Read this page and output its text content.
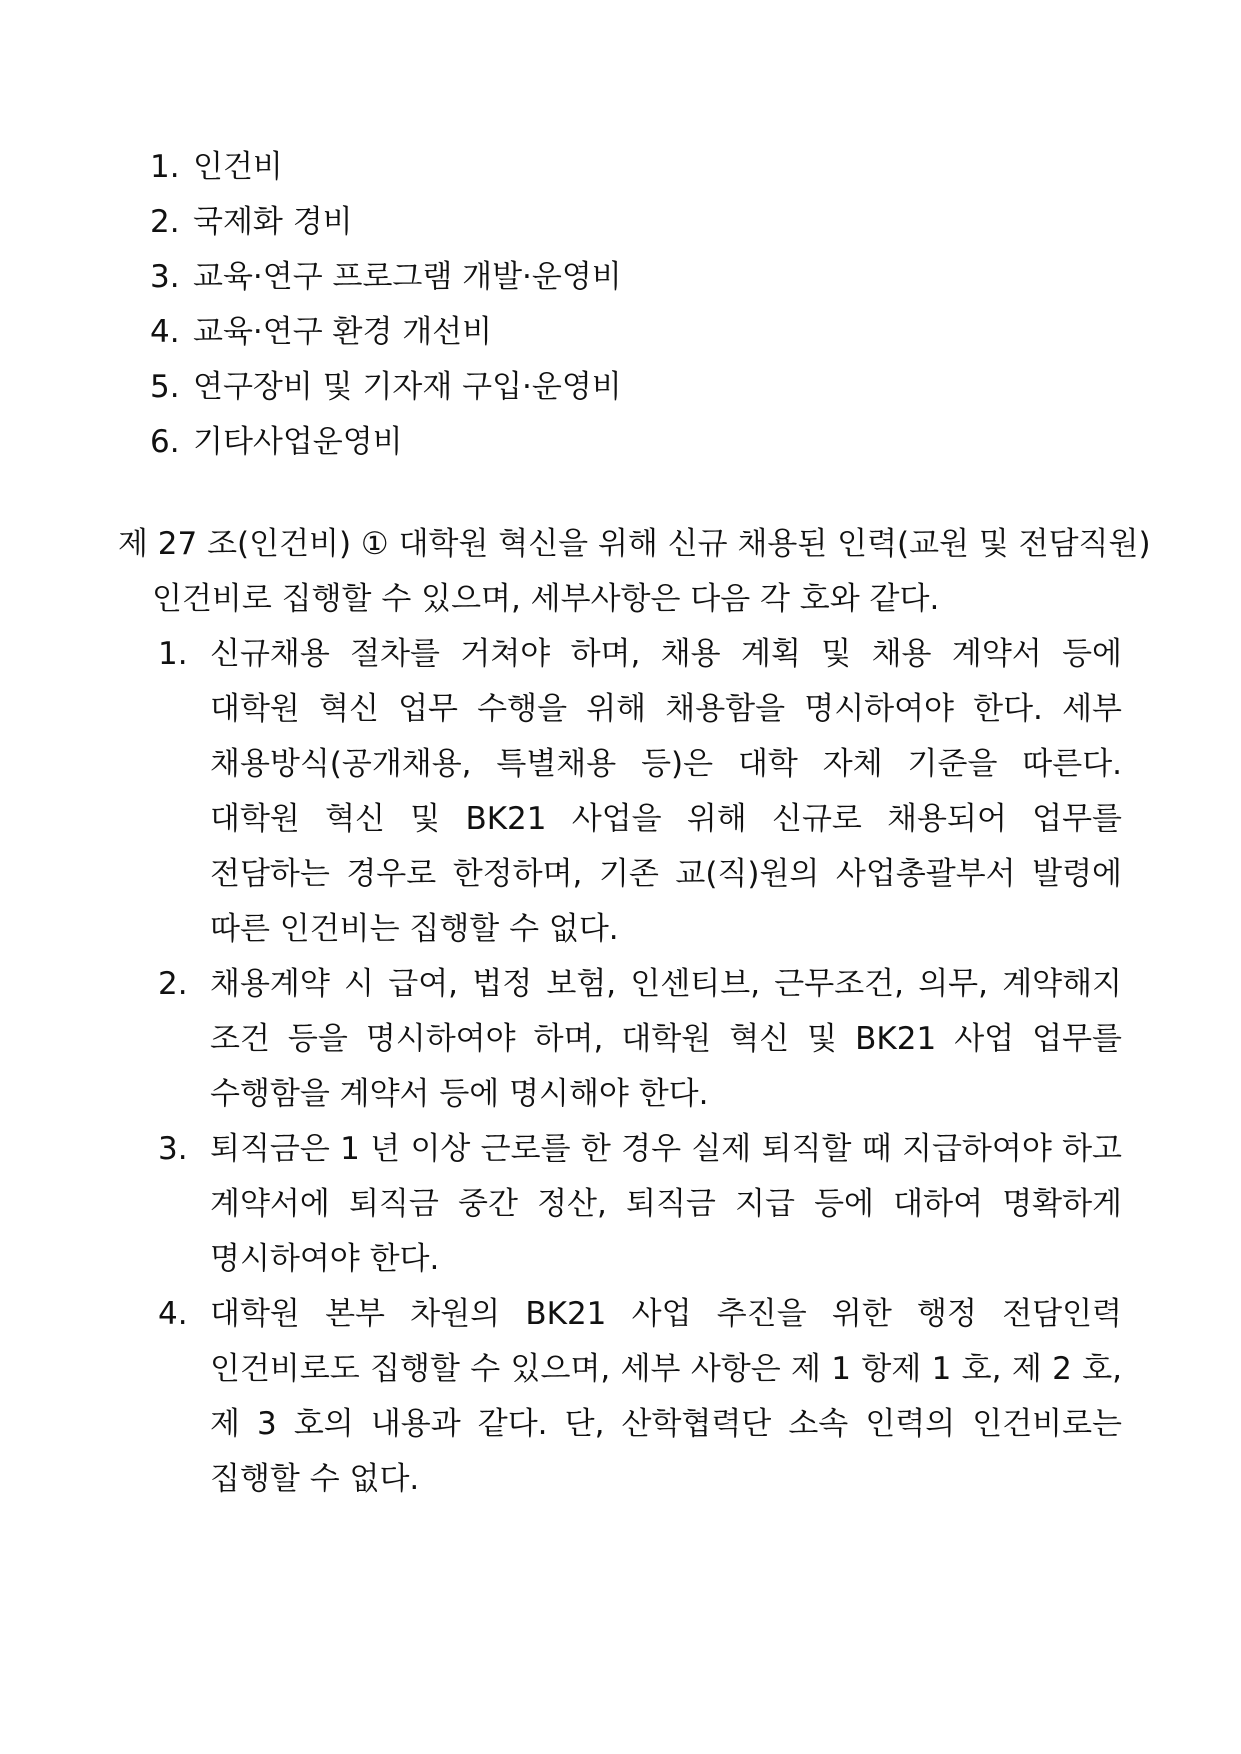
1. 인건비
2. 국제화 경비
3. 교육·연구 프로그램 개발·운영비
4. 교육·연구 환경 개선비
5. 연구장비 및 기자재 구입·운영비
6. 기타사업운영비
제 27 조(인건비) ① 대학원 혁신을 위해 신규 채용된 인력(교원 및 전담직원)
인건비로 집행할 수 있으며, 세부사항은 다음 각 호와 같다.
1. 신규채용 절차를 거쳐야 하며, 채용 계획 및 채용 계약서 등에
대학원 혁신 업무 수행을 위해 채용함을 명시하여야 한다. 세부
채용방식(공개채용, 특별채용 등)은 대학 자체 기준을 따른다.
대학원 혁신 및 BK21 사업을 위해 신규로 채용되어 업무를
전담하는 경우로 한정하며, 기존 교(직)원의 사업총괄부서 발령에
따른 인건비는 집행할 수 없다.
2. 채용계약 시 급여, 법정 보험, 인센티브, 근무조건, 의무, 계약해지
조건 등을 명시하여야 하며, 대학원 혁신 및 BK21 사업 업무를
수행함을 계약서 등에 명시해야 한다.
3. 퇴직금은 1 년 이상 근로를 한 경우 실제 퇴직할 때 지급하여야 하고
계약서에 퇴직금 중간 정산, 퇴직금 지급 등에 대하여 명확하게
명시하여야 한다.
4. 대학원 본부 차원의 BK21 사업 추진을 위한 행정 전담인력
인건비로도 집행할 수 있으며, 세부 사항은 제 1 항제 1 호, 제 2 호,
제 3 호의 내용과 같다. 단, 산학협력단 소속 인력의 인건비로는
집행할 수 없다.
